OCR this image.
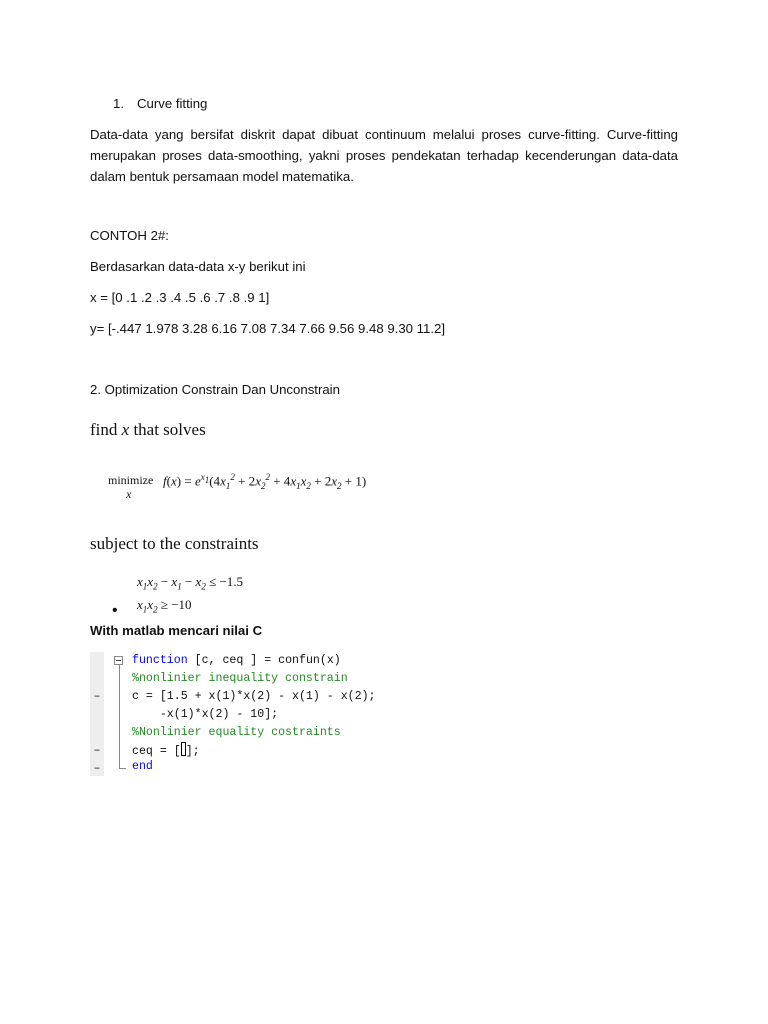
1. Curve fitting
Data-data yang bersifat diskrit dapat dibuat continuum melalui proses curve-fitting. Curve-fitting merupakan proses data-smoothing, yakni proses pendekatan terhadap kecenderungan data-data dalam bentuk persamaan model matematika.
CONTOH 2#:
Berdasarkan data-data x-y berikut ini
x = [0 .1 .2 .3 .4 .5 .6 .7 .8 .9 1]
y= [-.447 1.978 3.28 6.16 7.08 7.34 7.66 9.56 9.48 9.30 11.2]
2. Optimization Constrain Dan Unconstrain
find x that solves
minimize
x
$f(x) = e^{x_1}(4x_1^2 + 2x_2^2 + 4x_1x_2 + 2x_2 + 1)$
subject to the constraints
$x_1x_2 - x_1 - x_2 \le -1.5$
$x_1x_2 \ge -10$
•
With matlab mencari nilai C
function [c, ceq ] = confun(x)
%nonlinier inequality constrain
–	c = [1.5 + x(1)*x(2) - x(1) - x(2);
-x(1)*x(2) - 10];
%Nonlinier equality costraints
–	ceq = [ ];
–	end
